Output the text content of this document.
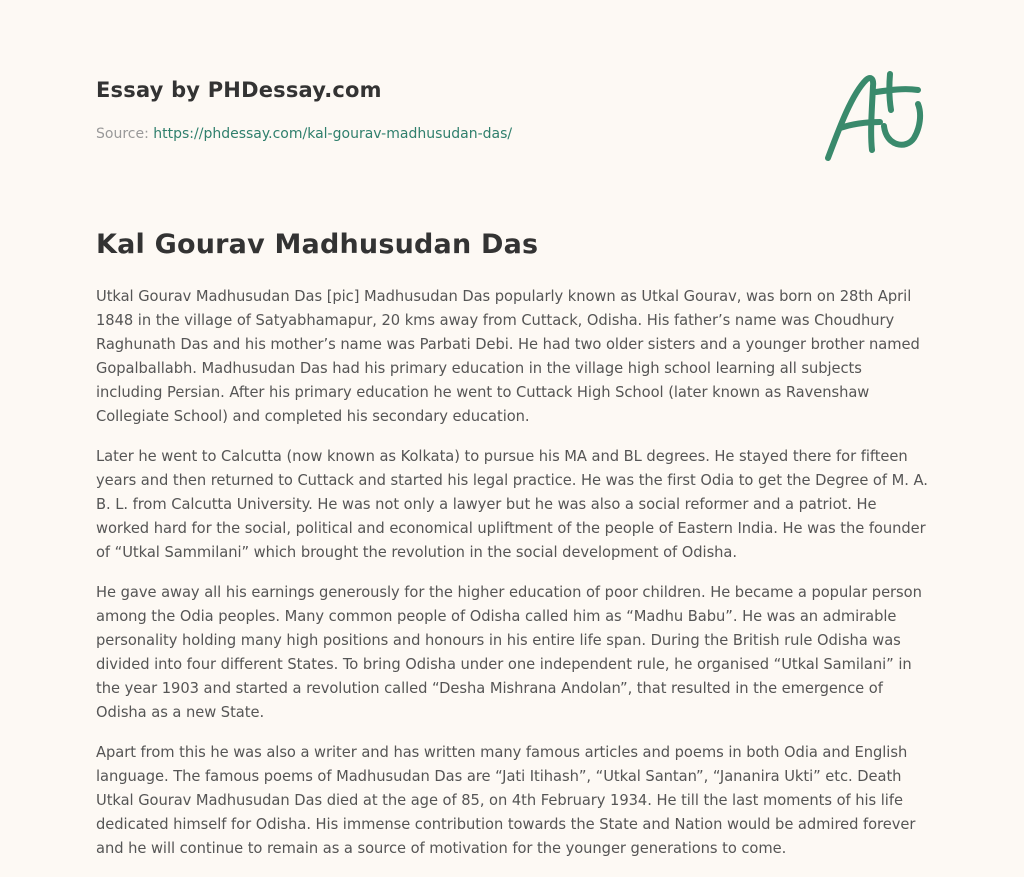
Essay by PHDessay.com
Source: https://phdessay.com/kal-gourav-madhusudan-das/
Kal Gourav Madhusudan Das

Utkal Gourav Madhusudan Das [pic] Madhusudan Das popularly known as Utkal Gourav, was born on 28th April 1848 in the village of Satyabhamapur, 20 kms away from Cuttack, Odisha. His father’s name was Choudhury Raghunath Das and his mother’s name was Parbati Debi. He had two older sisters and a younger brother named Gopalballabh. Madhusudan Das had his primary education in the village high school learning all subjects including Persian. After his primary education he went to Cuttack High School (later known as Ravenshaw Collegiate School) and completed his secondary education.

Later he went to Calcutta (now known as Kolkata) to pursue his MA and BL degrees. He stayed there for fifteen years and then returned to Cuttack and started his legal practice. He was the first Odia to get the Degree of M. A. B. L. from Calcutta University. He was not only a lawyer but he was also a social reformer and a patriot. He worked hard for the social, political and economical upliftment of the people of Eastern India. He was the founder of “Utkal Sammilani” which brought the revolution in the social development of Odisha.

He gave away all his earnings generously for the higher education of poor children. He became a popular person among the Odia peoples. Many common people of Odisha called him as “Madhu Babu”. He was an admirable personality holding many high positions and honours in his entire life span. During the British rule Odisha was divided into four different States. To bring Odisha under one independent rule, he organised “Utkal Samilani” in the year 1903 and started a revolution called “Desha Mishrana Andolan”, that resulted in the emergence of Odisha as a new State.

Apart from this he was also a writer and has written many famous articles and poems in both Odia and English language. The famous poems of Madhusudan Das are “Jati Itihash”, “Utkal Santan”, “Jananira Ukti” etc. Death Utkal Gourav Madhusudan Das died at the age of 85, on 4th February 1934. He till the last moments of his life dedicated himself for Odisha. His immense contribution towards the State and Nation would be admired forever and he will continue to remain as a source of motivation for the younger generations to come.
